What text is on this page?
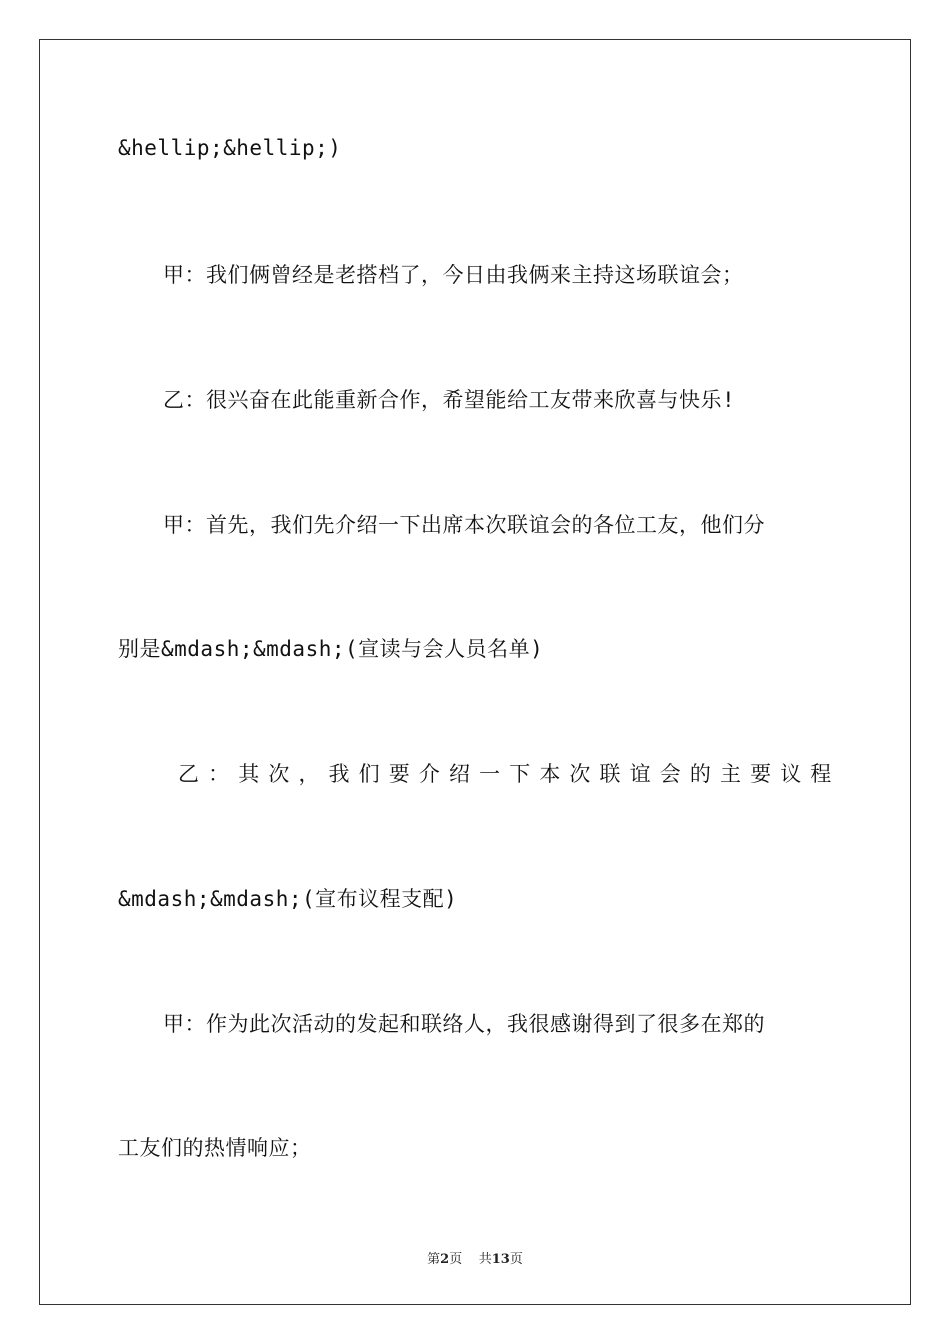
&hellip;&hellip;)
甲：我们俩曾经是老搭档了，今日由我俩来主持这场联谊会；
乙：很兴奋在此能重新合作，希望能给工友带来欣喜与快乐!
甲：首先，我们先介绍一下出席本次联谊会的各位工友，他们分
别是&mdash;&mdash;(宣读与会人员名单)
乙 ： 其 次 ， 我 们 要 介 绍 一 下 本 次 联 谊 会 的 主 要 议 程
&mdash;&mdash;(宣布议程支配)
甲：作为此次活动的发起和联络人，我很感谢得到了很多在郑的
工友们的热情响应；
第2页 共13页
